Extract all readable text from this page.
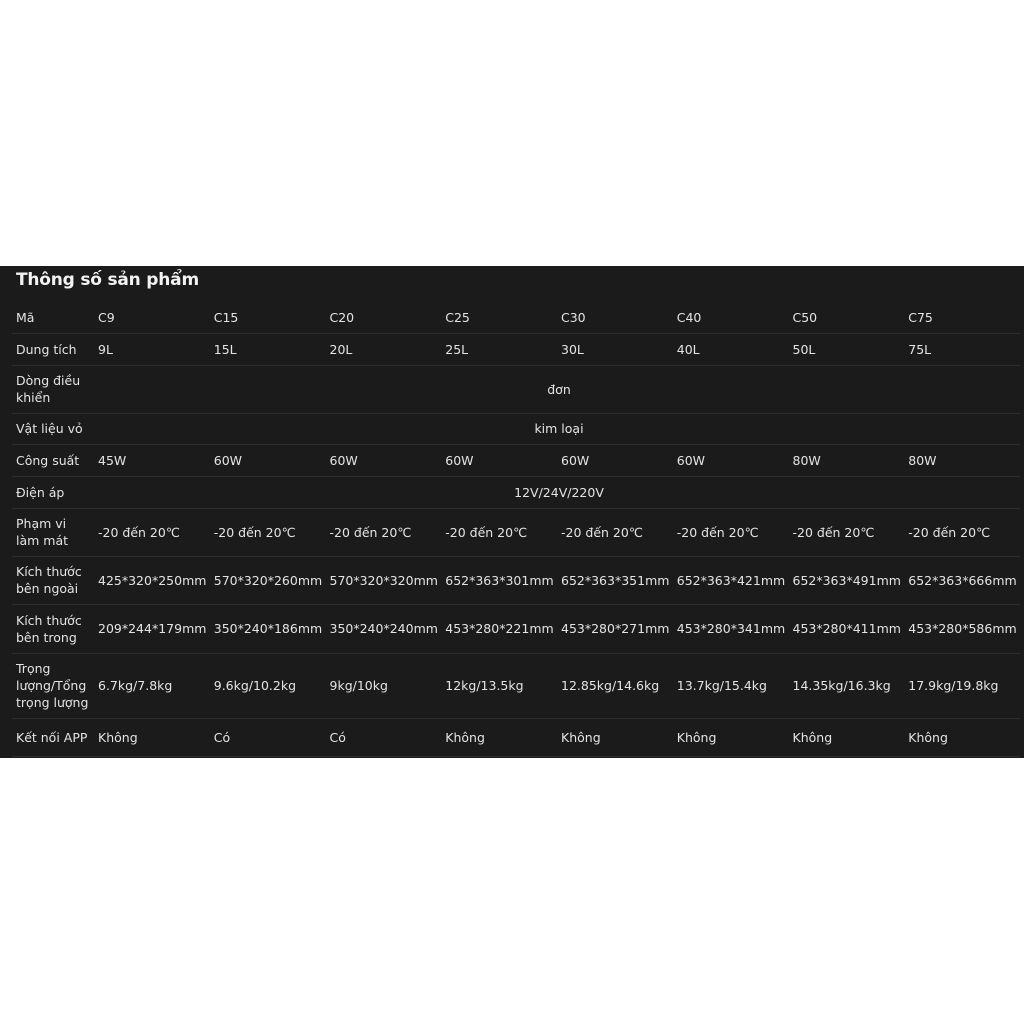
Thông số sản phẩm
Mã	C9	C15	C20	C25	C30	C40	C50	C75
Dung tích	9L	15L	20L	25L	30L	40L	50L	75L
Dòng điều khiển	đơn							
Vật liệu vỏ	kim loại							
Công suất	45W	60W	60W	60W	60W	60W	80W	80W
Điện áp	12V/24V/220V							
Phạm vi làm mát	-20 đến 20℃	-20 đến 20℃	-20 đến 20℃	-20 đến 20℃	-20 đến 20℃	-20 đến 20℃	-20 đến 20℃	-20 đến 20℃
Kích thước bên ngoài	425*320*250mm	570*320*260mm	570*320*320mm	652*363*301mm	652*363*351mm	652*363*421mm	652*363*491mm	652*363*666mm
Kích thước bên trong	209*244*179mm	350*240*186mm	350*240*240mm	453*280*221mm	453*280*271mm	453*280*341mm	453*280*411mm	453*280*586mm
Trọng lượng/Tổng trọng lượng	6.7kg/7.8kg	9.6kg/10.2kg	9kg/10kg	12kg/13.5kg	12.85kg/14.6kg	13.7kg/15.4kg	14.35kg/16.3kg	17.9kg/19.8kg
Kết nối APP	Không	Có	Có	Không	Không	Không	Không	Không
